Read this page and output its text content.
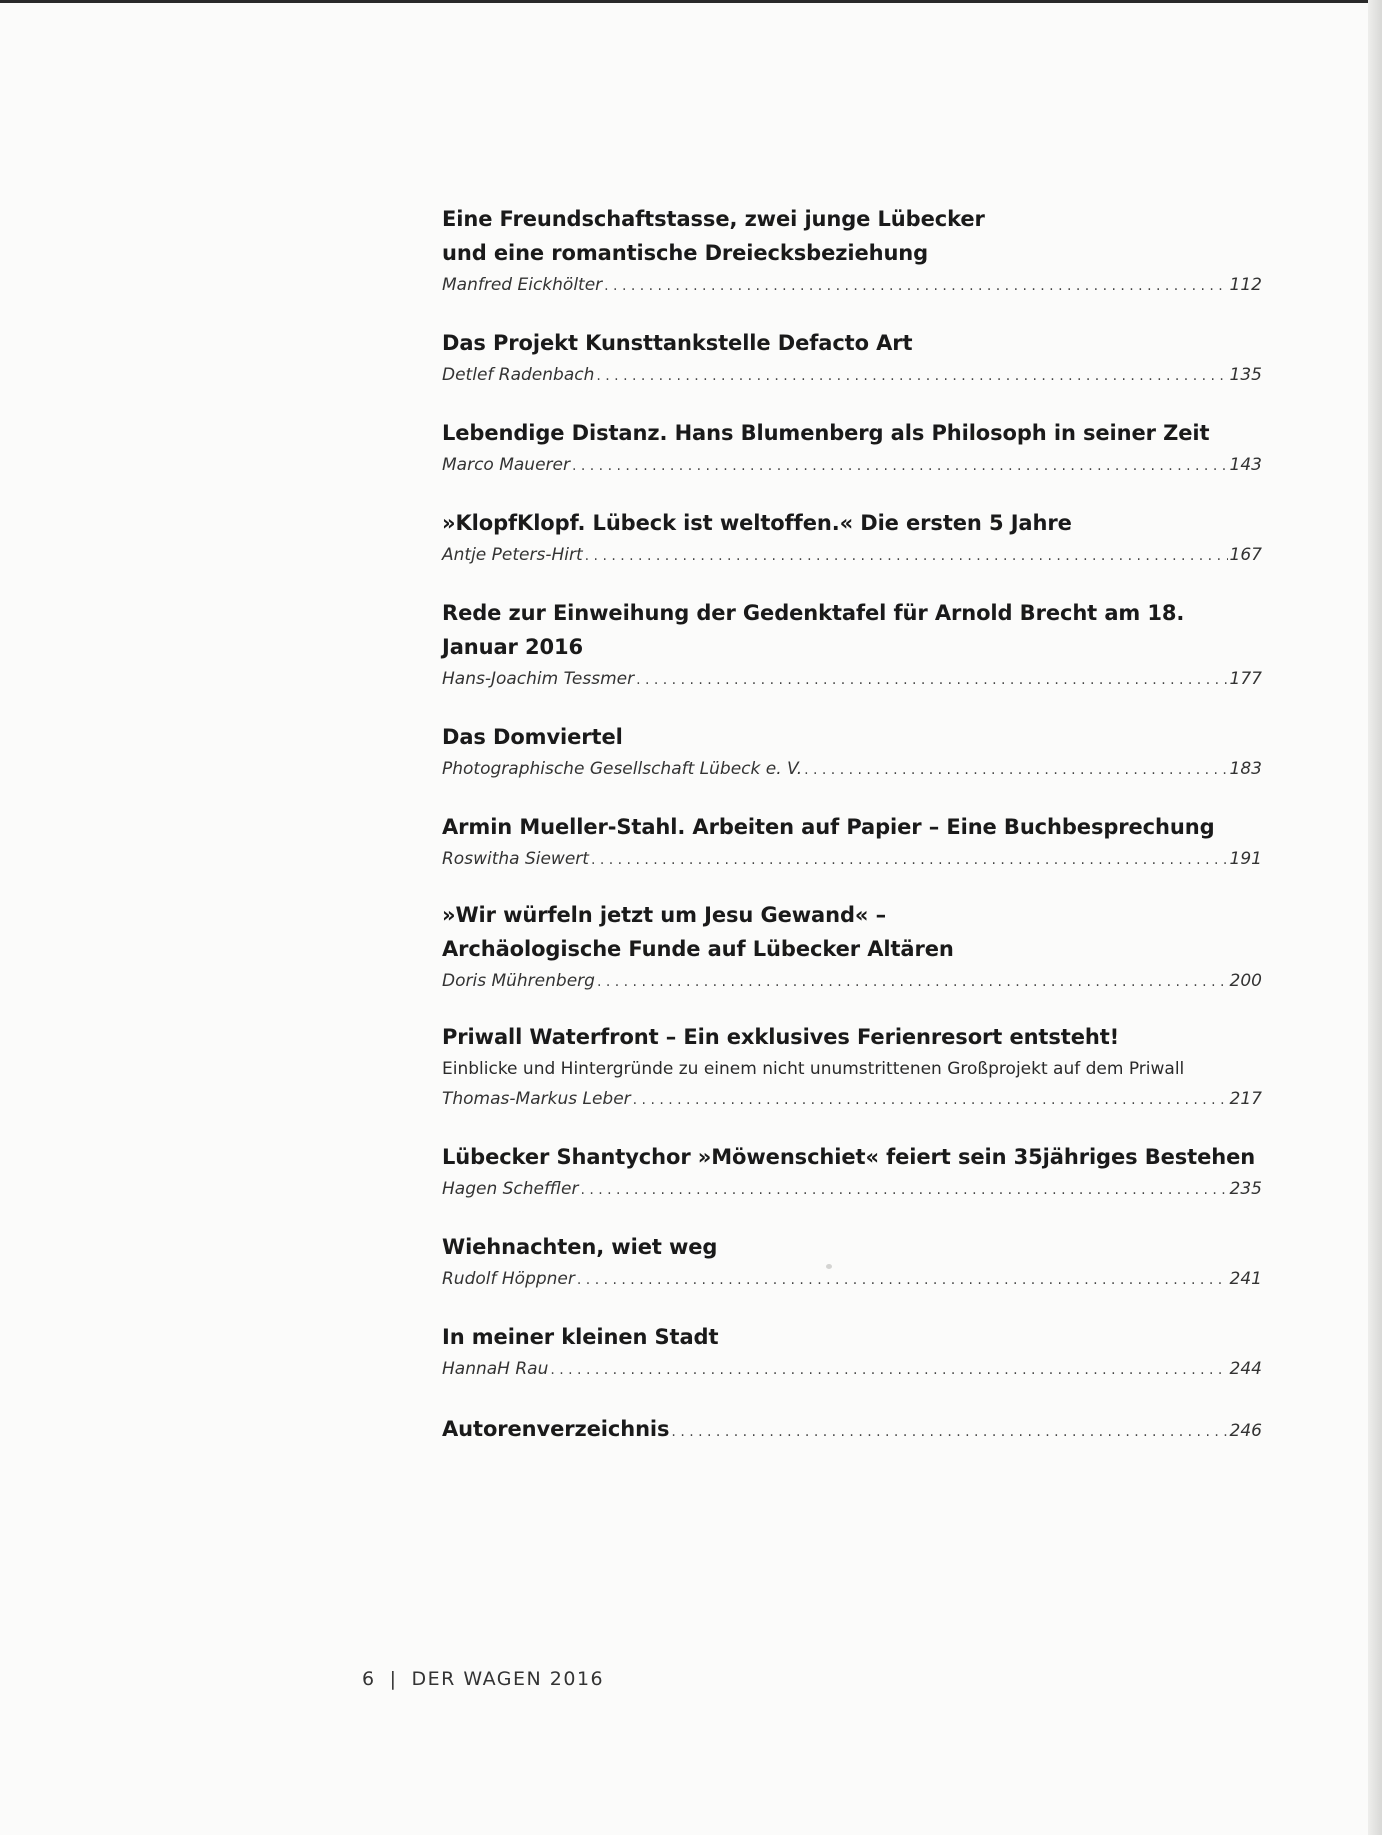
Eine Freundschaftstasse, zwei junge Lübecker
und eine romantische Dreiecksbeziehung
Manfred Eickhölter . . .	112
Das Projekt Kunsttankstelle Defacto Art
Detlef Radenbach . . .	135
Lebendige Distanz. Hans Blumenberg als Philosoph in seiner Zeit
Marco Mauerer . . .	143
»KlopfKlopf. Lübeck ist weltoffen.« Die ersten 5 Jahre
Antje Peters-Hirt . . .	167
Rede zur Einweihung der Gedenktafel für Arnold Brecht am 18. Januar 2016
Hans-Joachim Tessmer . . .	177
Das Domviertel
Photographische Gesellschaft Lübeck e. V. . . .	183
Armin Mueller-Stahl. Arbeiten auf Papier – Eine Buchbesprechung
Roswitha Siewert . . .	191
»Wir würfeln jetzt um Jesu Gewand« –
Archäologische Funde auf Lübecker Altären
Doris Mührenberg . . .	200
Priwall Waterfront – Ein exklusives Ferienresort entsteht!
Einblicke und Hintergründe zu einem nicht unumstrittenen Großprojekt auf dem Priwall
Thomas-Markus Leber . . .	217
Lübecker Shantychor »Möwenschiet« feiert sein 35jähriges Bestehen
Hagen Scheffler . . .	235
Wiehnachten, wiet weg
Rudolf Höppner . . .	241
In meiner kleinen Stadt
HannaH Rau . . .	244
Autorenverzeichnis . . .	246
6 | DER WAGEN 2016
